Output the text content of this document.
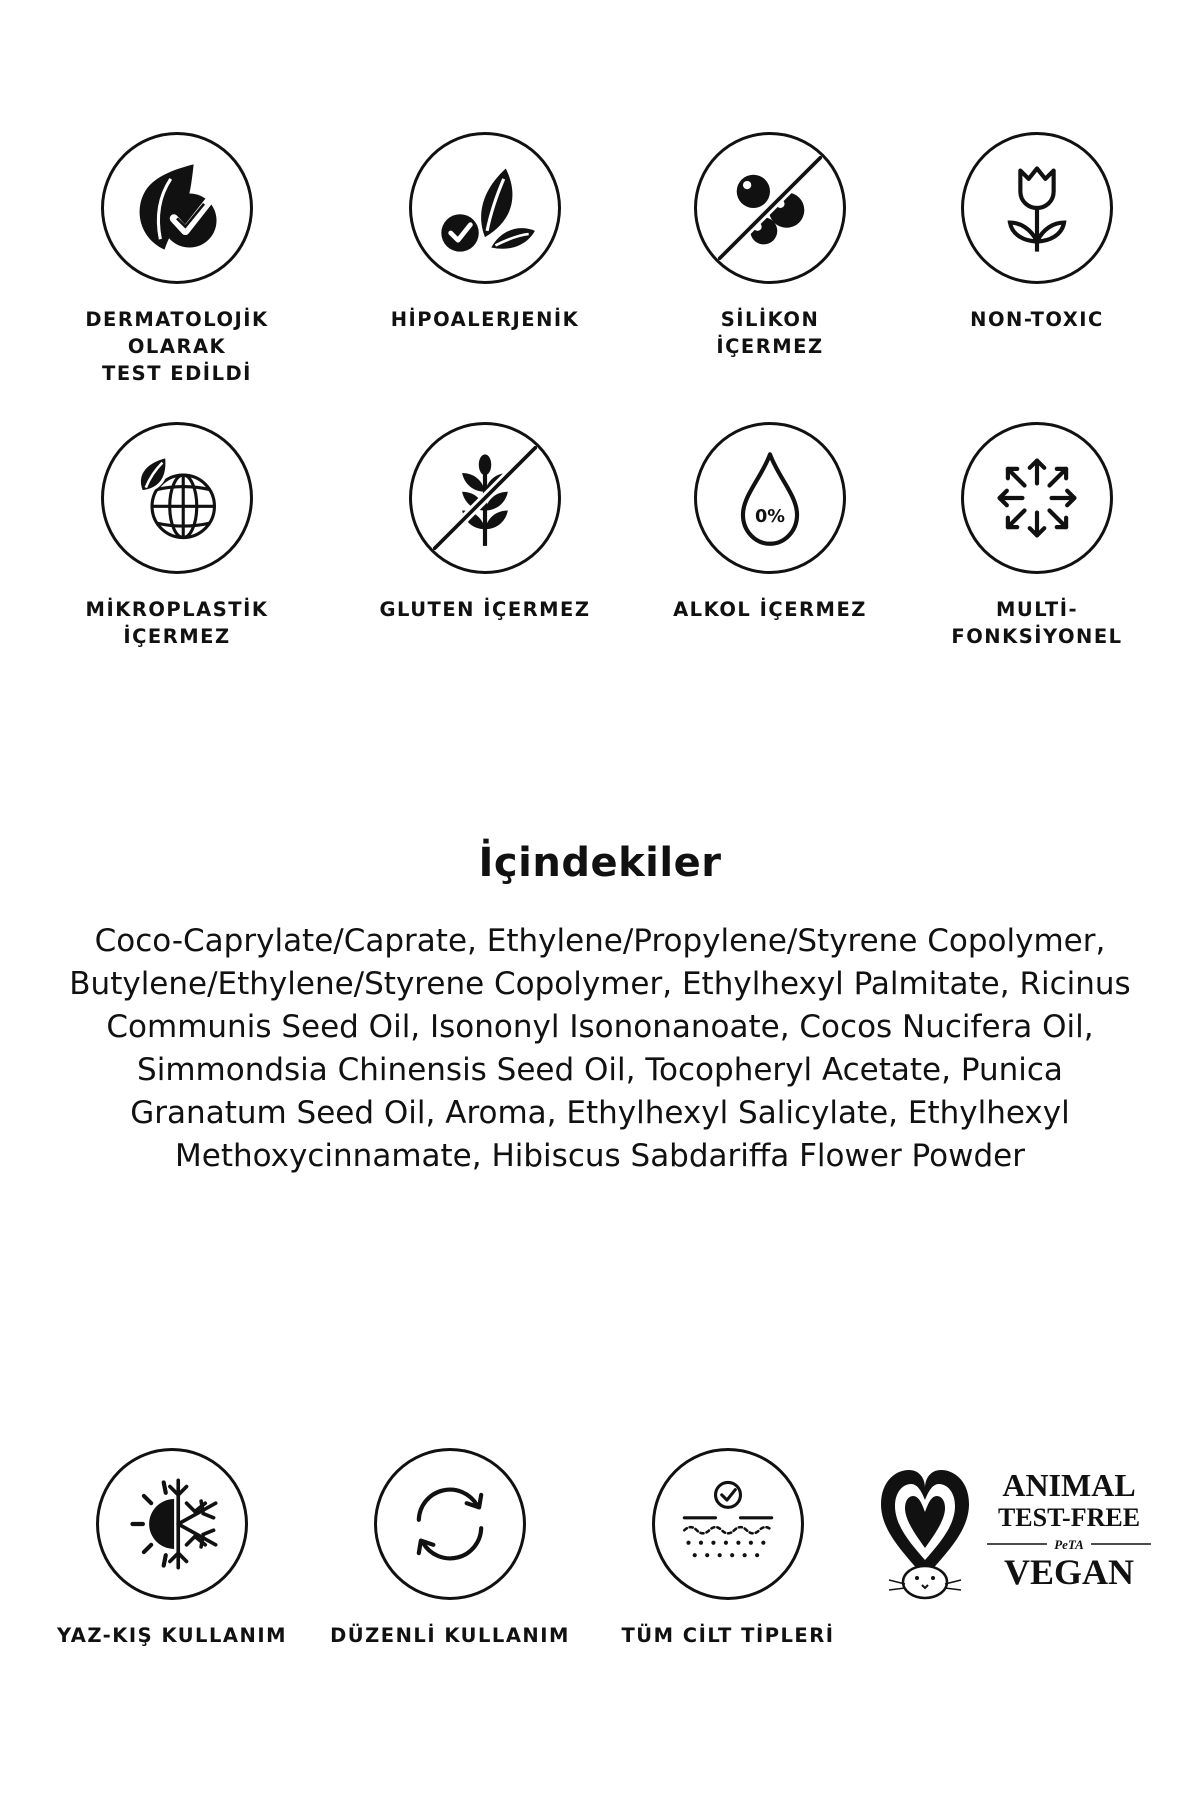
DERMATOLOJİK OLARAK
TEST EDİLDİ
HİPOALERJENİK	SİLİKON
İÇERMEZ
NON-TOXIC
MİKROPLASTİK
İÇERMEZ
GLUTEN İÇERMEZ
0%
ALKOL İÇERMEZ	MULTİ-FONKSİYONEL
İçindekiler
Coco-Caprylate/Caprate, Ethylene/Propylene/Styrene Copolymer, Butylene/Ethylene/Styrene Copolymer, Ethylhexyl Palmitate, Ricinus Communis Seed Oil, Isononyl Isononanoate, Cocos Nucifera Oil, Simmondsia Chinensis Seed Oil, Tocopheryl Acetate, Punica Granatum Seed Oil, Aroma, Ethylhexyl Salicylate, Ethylhexyl Methoxycinnamate, Hibiscus Sabdariffa Flower Powder
YAZ-KIŞ KULLANIM	DÜZENLİ KULLANIM	TÜM CİLT TİPLERİ
ANIMAL
TEST-FREE
PeTA
VEGAN
